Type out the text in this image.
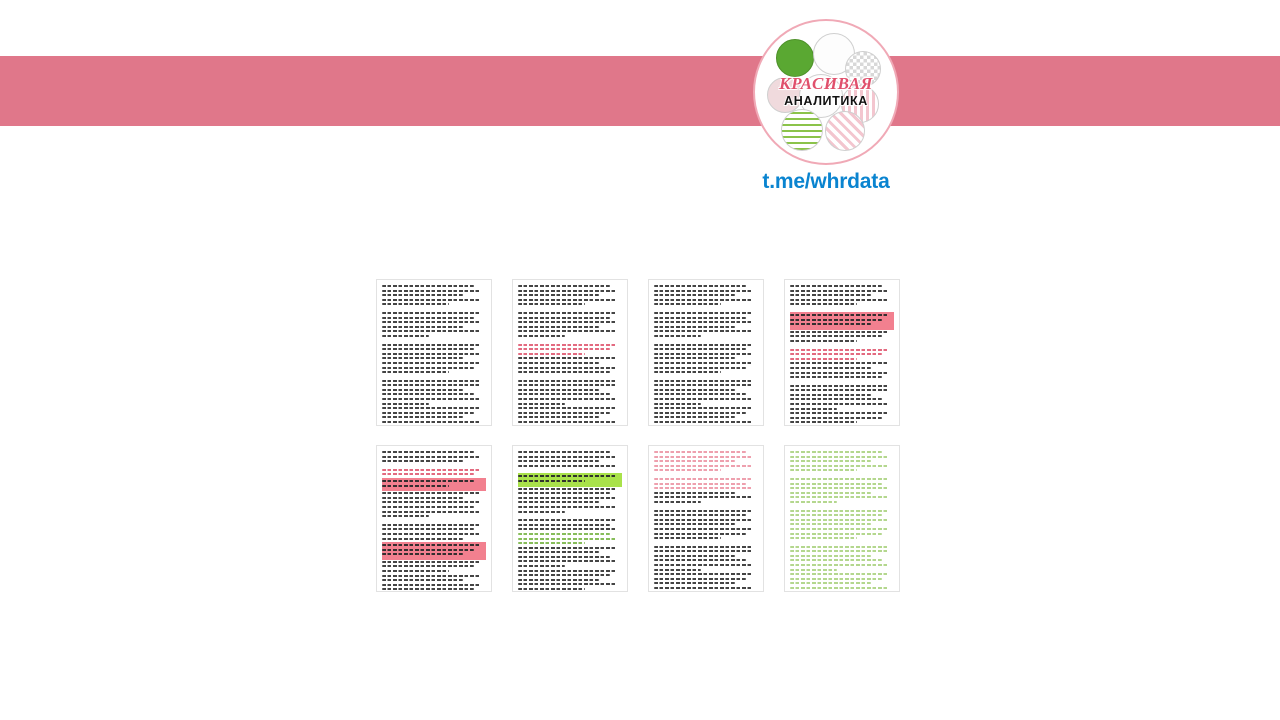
КРАСИВАЯ
АНАЛИТИКА
t.me/whrdata
